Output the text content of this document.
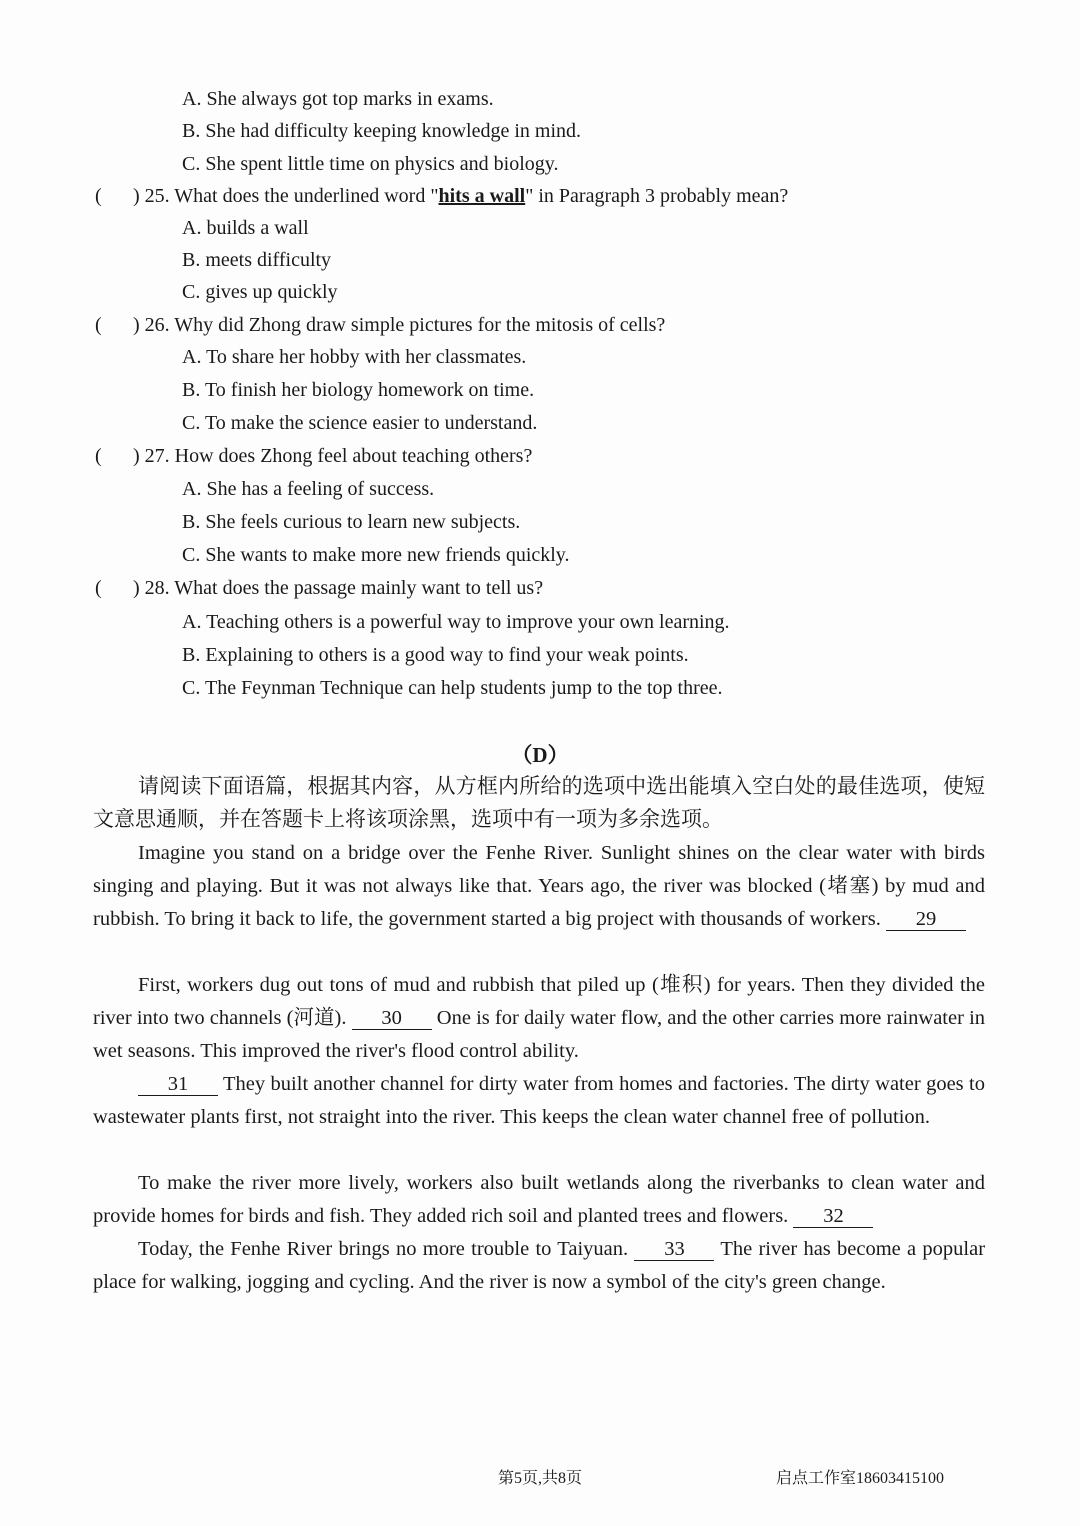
A. She always got top marks in exams.
B. She had difficulty keeping knowledge in mind.
C. She spent little time on physics and biology.
( ) 25. What does the underlined word "hits a wall" in Paragraph 3 probably mean?
A. builds a wall
B. meets difficulty
C. gives up quickly
( ) 26. Why did Zhong draw simple pictures for the mitosis of cells?
A. To share her hobby with her classmates.
B. To finish her biology homework on time.
C. To make the science easier to understand.
( ) 27. How does Zhong feel about teaching others?
A. She has a feeling of success.
B. She feels curious to learn new subjects.
C. She wants to make more new friends quickly.
( ) 28. What does the passage mainly want to tell us?
A. Teaching others is a powerful way to improve your own learning.
B. Explaining to others is a good way to find your weak points.
C. The Feynman Technique can help students jump to the top three.
（D）
请阅读下面语篇，根据其内容，从方框内所给的选项中选出能填入空白处的最佳选项，使短文意思通顺，并在答题卡上将该项涂黑，选项中有一项为多余选项。
Imagine you stand on a bridge over the Fenhe River. Sunlight shines on the clear water with birds singing and playing. But it was not always like that. Years ago, the river was blocked (堵塞) by mud and rubbish. To bring it back to life, the government started a big project with thousands of workers. 29
First, workers dug out tons of mud and rubbish that piled up (堆积) for years. Then they divided the river into two channels (河道). 30 One is for daily water flow, and the other carries more rainwater in wet seasons. This improved the river's flood control ability.
31 They built another channel for dirty water from homes and factories. The dirty water goes to wastewater plants first, not straight into the river. This keeps the clean water channel free of pollution.
To make the river more lively, workers also built wetlands along the riverbanks to clean water and provide homes for birds and fish. They added rich soil and planted trees and flowers. 32
Today, the Fenhe River brings no more trouble to Taiyuan. 33 The river has become a popular place for walking, jogging and cycling. And the river is now a symbol of the city's green change.
第5页,共8页	启点工作室18603415100
